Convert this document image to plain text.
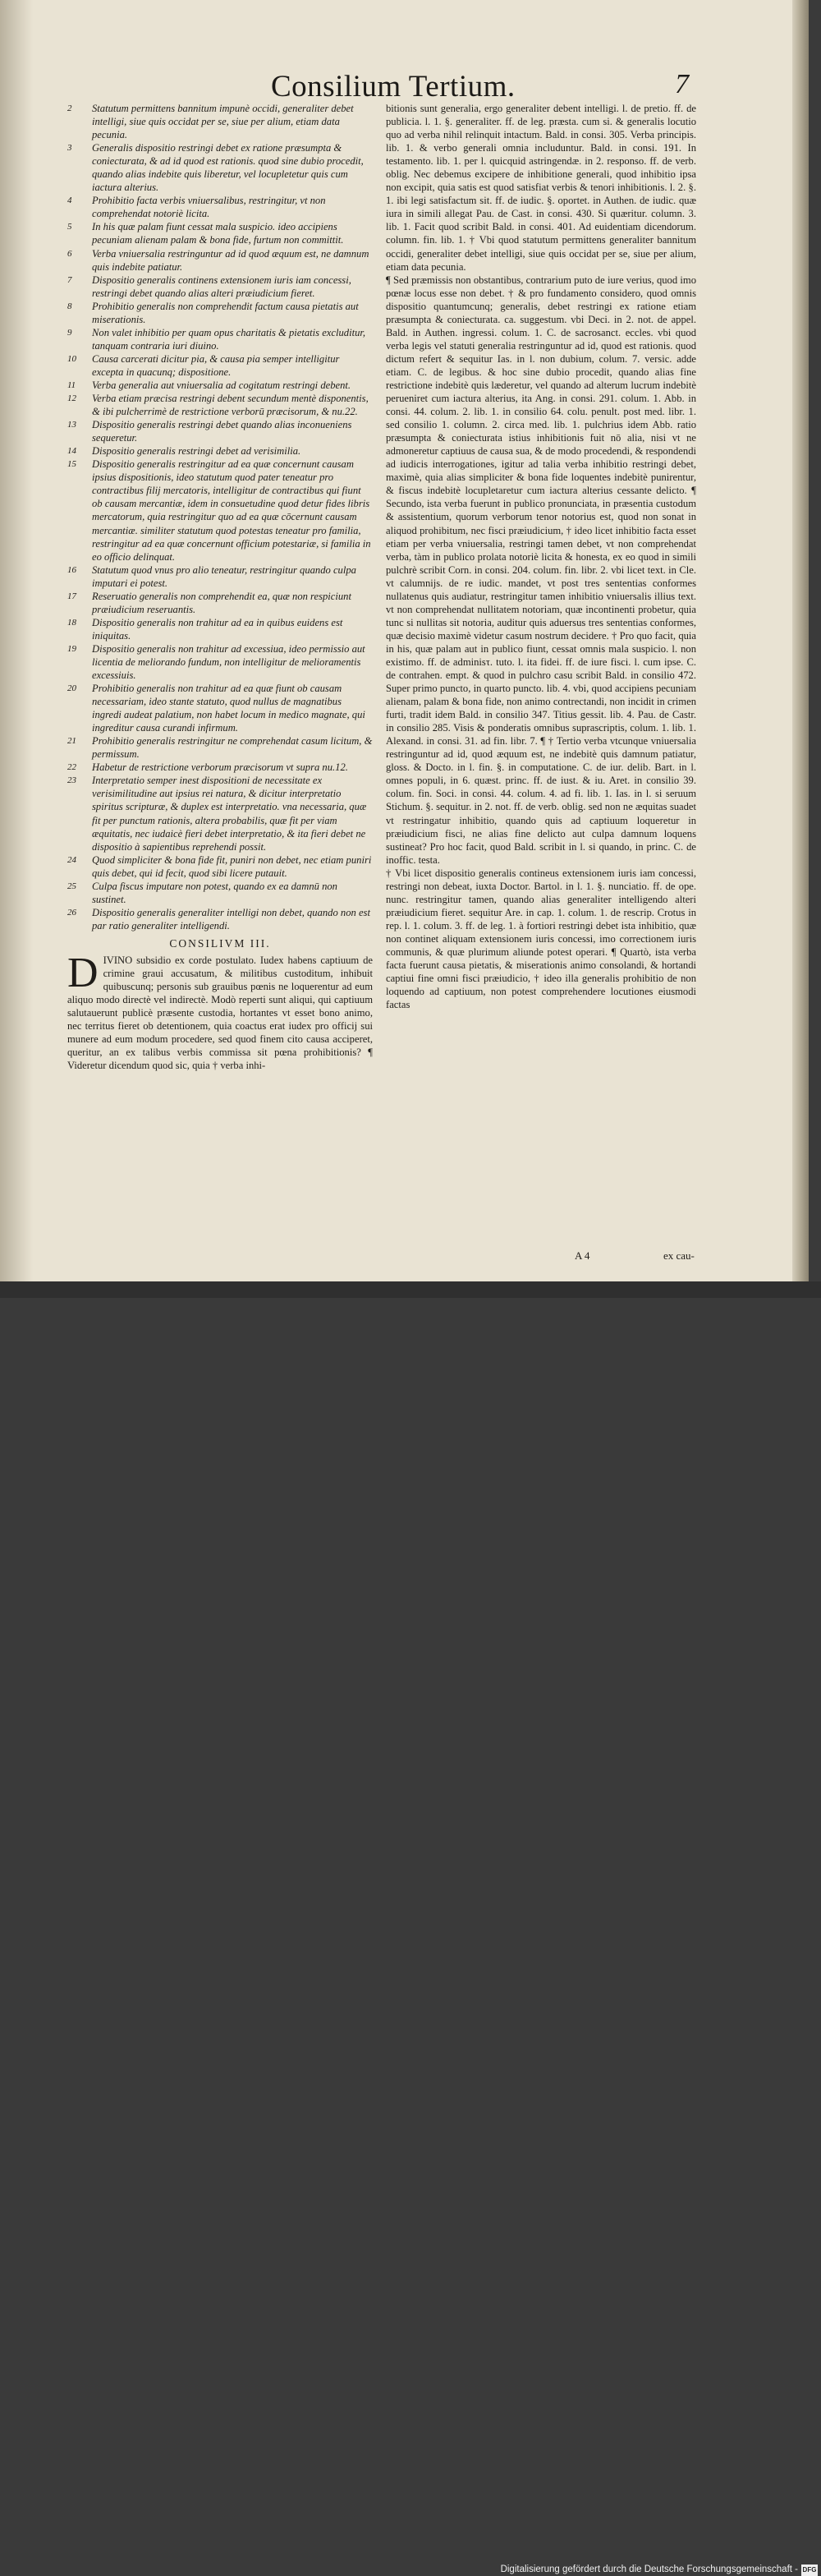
Consilium Tertium.	7
2 Statutum permittens bannitum impunè occidi, generaliter debet intelligi, siue quis occidat per se, siue per alium, etiam data pecunia.
3 Generalis dispositio restringi debet ex ratione præsumpta & coniecturata, & ad id quod est rationis. quod sine dubio procedit, quando alias indebite quis liberetur, vel locupletetur quis cum iactura alterius.
4 Prohibitio facta verbis vniuersalibus, restringitur, vt non comprehendat notoriè licita.
5 In his quæ palam fiunt cessat mala suspicio. ideo accipiens pecuniam alienam palam & bona fide, furtum non committit.
6 Verba vniuersalia restringuntur ad id quod æquum est, ne damnum quis indebite patiatur.
7 Dispositio generalis continens extensionem iuris iam concessi, restringi debet quando alias alteri præiudicium fieret.
8 Prohibitio generalis non comprehendit factum causa pietatis aut miserationis.
9 Non valet inhibitio per quam opus charitatis & pietatis excluditur, tanquam contraria iuri diuino.
10 Causa carcerati dicitur pia, & causa pia semper intelligitur excepta in quacunq; dispositione.
11 Verba generalia aut vniuersalia ad cogitatum restringi debent.
12 Verba etiam præcisa restringi debent secundum mentè disponentis, & ibi pulcherrimè de restrictione verborū præcisorum, & nu.22.
13 Dispositio generalis restringi debet quando alias inconueniens sequeretur.
14 Dispositio generalis restringi debet ad verisimilia.
15 Dispositio generalis restringitur ad ea quæ concernunt causam ipsius dispositionis, ideo statutum quod pater teneatur pro contractibus filij mercatoris, intelligitur de contractibus qui fiunt ob causam mercantiæ, idem in consuetudine quod detur fides libris mercatorum, quia restringitur quo ad ea quæ cōcernunt causam mercantiæ. similiter statutum quod potestas teneatur pro familia, restringitur ad ea quæ concernunt officium potestariæ, si familia in eo officio delinquat.
16 Statutum quod vnus pro alio teneatur, restringitur quando culpa imputari ei potest.
17 Reseruatio generalis non comprehendit ea, quæ non respiciunt præiudicium reseruantis.
18 Dispositio generalis non trahitur ad ea in quibus euidens est iniquitas.
19 Dispositio generalis non trahitur ad excessiua, ideo permissio aut licentia de meliorando fundum, non intelligitur de melioramentis excessiuis.
20 Prohibitio generalis non trahitur ad ea quæ fiunt ob causam necessariam, ideo stante statuto, quod nullus de magnatibus ingredi audeat palatium, non habet locum in medico magnate, qui ingreditur causa curandi infirmum.
21 Prohibitio generalis restringitur ne comprehendat casum licitum, & permissum.
22 Habetur de restrictione verborum præcisorum vt supra nu.12.
23 Interpretatio semper inest dispositioni de necessitate ex verisimilitudine aut ipsius rei natura, & dicitur interpretatio spiritus scripturæ, & duplex est interpretatio. vna necessaria, quæ fit per punctum rationis, altera probabilis, quæ fit per viam æquitatis, nec iudaicè fieri debet interpretatio, & ita fieri debet ne dispositio à sapientibus reprehendi possit.
24 Quod simpliciter & bona fide fit, puniri non debet, nec etiam puniri quis debet, qui id fecit, quod sibi licere putauit.
25 Culpa fiscus imputare non potest, quando ex ea damnū non sustinet.
26 Dispositio generalis generaliter intelligi non debet, quando non est par ratio generaliter intelligendi.
CONSILIVM III.

DIVINO subsidio ex corde postulato. Iudex habens captiuum de crimine graui accusatum, & militibus custoditum, inhibuit quibuscunq; personis sub grauibus pœnis ne loquerentur ad eum aliquo modo directè vel indirectè. Modò reperti sunt aliqui, qui captiuum salutauerunt publicè præsente custodia, hortantes vt esset bono animo, nec territus fieret ob detentionem, quia coactus erat iudex pro officij sui munere ad eum modum procedere, sed quod finem cito causa acciperet, queritur, an ex talibus verbis commissa sit pœna prohibitionis? ¶ Videretur dicendum quod sic, quia † verba inhi-

bitionis sunt generalia, ergo generaliter debent intelligi. l. de pretio. ff. de publicia. l. 1. §. generaliter. ff. de leg. præsta. cum si. & generalis locutio quo ad verba nihil relinquit intactum. Bald. in consi. 305. Verba principis. lib. 1. & verbo generali omnia includuntur. Bald. in consi. 191. In testamento. lib. 1. per l. quicquid astringendæ. in 2. responso. ff. de verb. oblig. Nec debemus excipere de inhibitione generali, quod inhibitio ipsa non excipit, quia satis est quod satisfiat verbis & tenori inhibitionis. l. 2. §. 1. ibi legi satisfactum sit. ff. de iudic. §. oportet. in Authen. de iudic. quæ iura in simili allegat Pau. de Cast. in consi. 430. Si quæritur. column. 3. lib. 1. Facit quod scribit Bald. in consi. 401. Ad euidentiam dicendorum. column. fin. lib. 1. † Vbi quod statutum permittens generaliter bannitum occidi, generaliter debet intelligi, siue quis occidat per se, siue per alium, etiam data pecunia.

¶ Sed præmissis non obstantibus, contrarium puto de iure verius, quod imo pœnæ locus esse non debet. † & pro fundamento considero, quod omnis dispositio quantumcunq; generalis, debet restringi ex ratione etiam præsumpta & coniecturata. ca. suggestum. vbi Deci. in 2. not. de appel. Bald. in Authen. ingressi. colum. 1. C. de sacrosanct. eccles. vbi quod verba legis vel statuti generalia restringuntur ad id, quod est rationis. quod dictum refert & sequitur Ias. in l. non dubium, colum. 7. versic. adde etiam. C. de legibus. & hoc sine dubio procedit, quando alias fine restrictione indebitè quis læderetur, vel quando ad alterum lucrum indebitè perueniret cum iactura alterius, ita Ang. in consi. 291. colum. 1. Abb. in consi. 44. colum. 2. lib. 1. in consilio 64. colu. penult. post med. libr. 1. sed consilio 1. column. 2. circa med. lib. 1. pulchrius idem Abb. ratio præsumpta & coniecturata istius inhibitionis fuit nō alia, nisi vt ne admoneretur captiuus de causa sua, & de modo procedendi, & respondendi ad iudicis interrogationes, igitur ad talia verba inhibitio restringi debet, maximè, quia alias simpliciter & bona fide loquentes indebitè punirentur, & fiscus indebitè locupletaretur cum iactura alterius cessante delicto. ¶ Secundo, ista verba fuerunt in publico pronunciata, in præsentia custodum & assistentium, quorum verborum tenor notorius est, quod non sonat in aliquod prohibitum, nec fisci præiudicium, † ideo licet inhibitio facta esset etiam per verba vniuersalia, restringi tamen debet, vt non comprehendat verba, tàm in publico prolata notoriè licita & honesta, ex eo quod in simili pulchrè scribit Corn. in consi. 204. colum. fin. libr. 2. vbi licet text. in Cle. vt calumnijs. de re iudic. mandet, vt post tres sententias conformes nullatenus quis audiatur, restringitur tamen inhibitio vniuersalis illius text. vt non comprehendat nullitatem notoriam, quæ incontinenti probetur, quia tunc si nullitas sit notoria, auditur quis aduersus tres sententias conformes, quæ decisio maximè videtur casum nostrum decidere. † Pro quo facit, quia in his, quæ palam aut in publico fiunt, cessat omnis mala suspicio. l. non existimo. ff. de adminisτ. tuto. l. ita fidei. ff. de iure fisci. l. cum ipse. C. de contrahen. empt. & quod in pulchro casu scribit Bald. in consilio 472. Super primo puncto, in quarto puncto. lib. 4. vbi, quod accipiens pecuniam alienam, palam & bona fide, non animo contrectandi, non incidit in crimen furti, tradit idem Bald. in consilio 347. Titius gessit. lib. 4. Pau. de Castr. in consilio 285. Visis & ponderatis omnibus suprascriptis, colum. 1. lib. 1. Alexand. in consi. 31. ad fin. libr. 7. ¶ † Tertio verba vtcunque vniuersalia restringuntur ad id, quod æquum est, ne indebitè quis damnum patiatur, gloss. & Docto. in l. fin. §. in computatione. C. de iur. delib. Bart. in l. omnes populi, in 6. quæst. princ. ff. de iust. & iu. Aret. in consilio 39. colum. fin. Soci. in consi. 44. colum. 4. ad fi. lib. 1. Ias. in l. si seruum Stichum. §. sequitur. in 2. not. ff. de verb. oblig. sed non ne æquitas suadet vt restringatur inhibitio, quando quis ad captiuum loqueretur in præiudicium fisci, ne alias fine delicto aut culpa damnum loquens sustineat? Pro hoc facit, quod Bald. scribit in l. si quando, in princ. C. de inoffic. testa.

† Vbi licet dispositio generalis contineus extensionem iuris iam concessi, restringi non debeat, iuxta Doctor. Bartol. in l. 1. §. nunciatio. ff. de ope. nunc. restringitur tamen, quando alias generaliter intelligendo alteri præiudicium fieret. sequitur Are. in cap. 1. colum. 1. de rescrip. Crotus in rep. l. 1. colum. 3. ff. de leg. 1. à fortiori restringi debet ista inhibitio, quæ non continet aliquam extensionem iuris concessi, imo correctionem iuris communis, & quæ plurimum aliunde potest operari. ¶ Quartò, ista verba facta fuerunt causa pietatis, & miserationis animo consolandi, & hortandi captiui fine omni fisci præiudicio, † ideo illa generalis prohibitio de non loquendo ad captiuum, non potest comprehendere locutiones eiusmodi factas

A 4	ex cau-
Digitalisierung gefördert durch die Deutsche Forschungsgemeinschaft - DFG
